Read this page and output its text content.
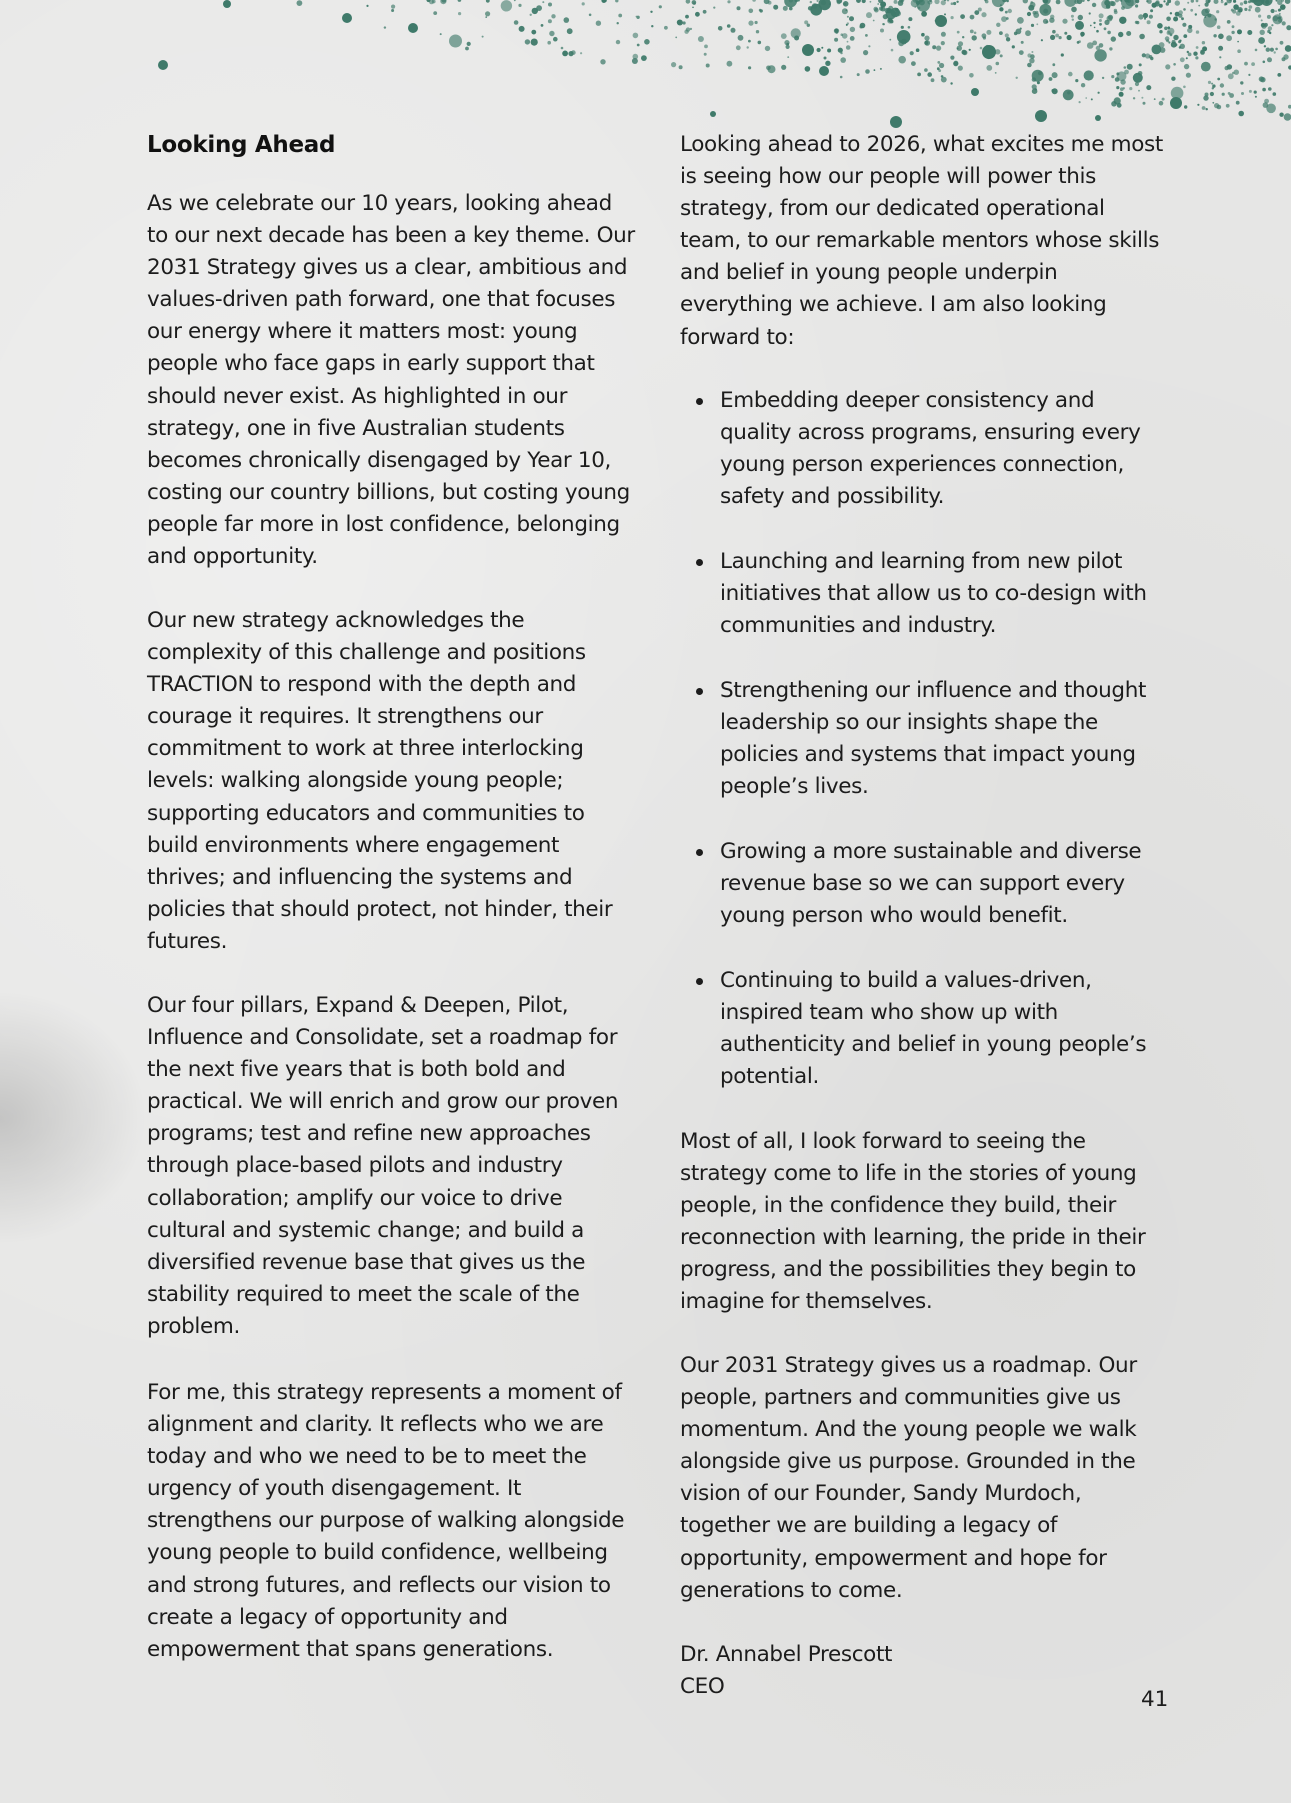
Looking Ahead

As we celebrate our 10 years, looking ahead to our next decade has been a key theme. Our 2031 Strategy gives us a clear, ambitious and values-driven path forward, one that focuses our energy where it matters most: young people who face gaps in early support that should never exist. As highlighted in our strategy, one in five Australian students becomes chronically disengaged by Year 10, costing our country billions, but costing young people far more in lost confidence, belonging and opportunity.

Our new strategy acknowledges the complexity of this challenge and positions TRACTION to respond with the depth and courage it requires. It strengthens our commitment to work at three interlocking levels: walking alongside young people; supporting educators and communities to build environments where engagement thrives; and influencing the systems and policies that should protect, not hinder, their futures.

Our four pillars, Expand & Deepen, Pilot, Influence and Consolidate, set a roadmap for the next five years that is both bold and practical. We will enrich and grow our proven programs; test and refine new approaches through place-based pilots and industry collaboration; amplify our voice to drive cultural and systemic change; and build a diversified revenue base that gives us the stability required to meet the scale of the problem.

For me, this strategy represents a moment of alignment and clarity. It reflects who we are today and who we need to be to meet the urgency of youth disengagement. It strengthens our purpose of walking alongside young people to build confidence, wellbeing and strong futures, and reflects our vision to create a legacy of opportunity and empowerment that spans generations.

Looking ahead to 2026, what excites me most is seeing how our people will power this strategy, from our dedicated operational team, to our remarkable mentors whose skills and belief in young people underpin everything we achieve. I am also looking forward to:

Embedding deeper consistency and quality across programs, ensuring every young person experiences connection, safety and possibility.
Launching and learning from new pilot initiatives that allow us to co-design with communities and industry.
Strengthening our influence and thought leadership so our insights shape the policies and systems that impact young people’s lives.
Growing a more sustainable and diverse revenue base so we can support every young person who would benefit.
Continuing to build a values-driven, inspired team who show up with authenticity and belief in young people’s potential.

Most of all, I look forward to seeing the strategy come to life in the stories of young people, in the confidence they build, their reconnection with learning, the pride in their progress, and the possibilities they begin to imagine for themselves.

Our 2031 Strategy gives us a roadmap. Our people, partners and communities give us momentum. And the young people we walk alongside give us purpose. Grounded in the vision of our Founder, Sandy Murdoch, together we are building a legacy of opportunity, empowerment and hope for generations to come.

Dr. Annabel Prescott

CEO

41
